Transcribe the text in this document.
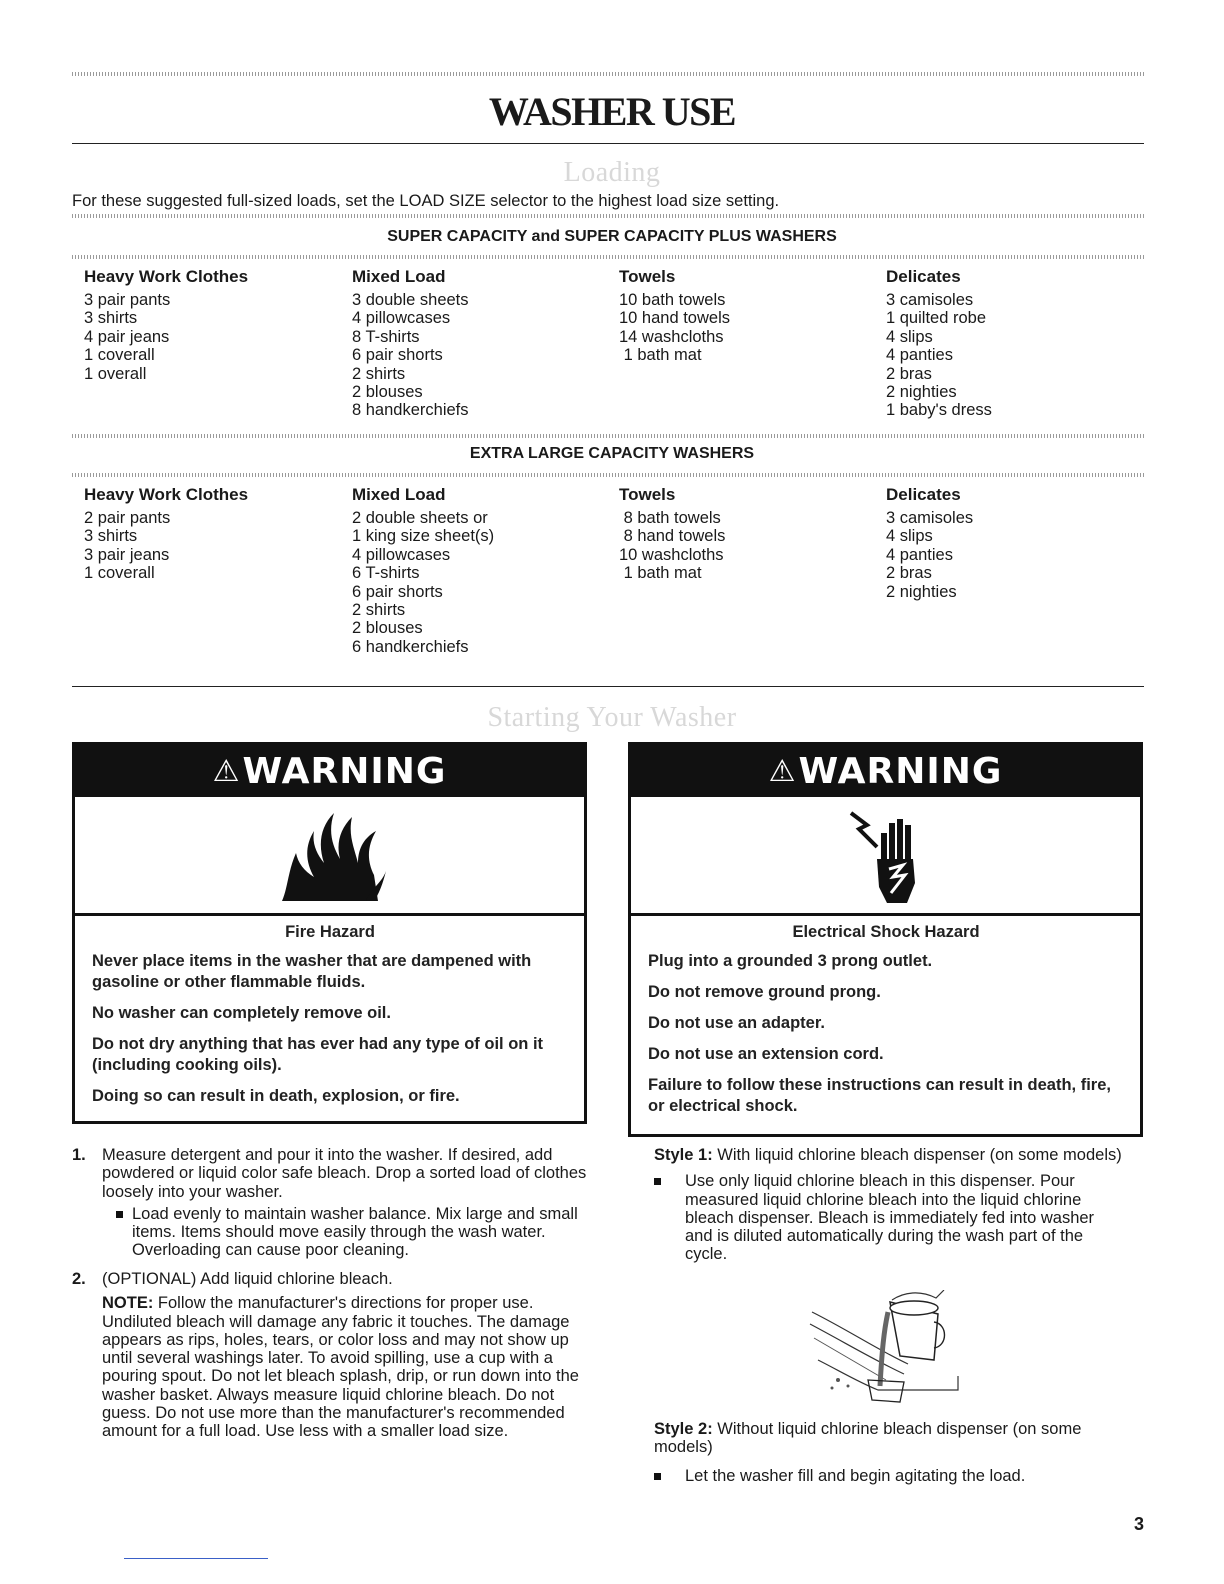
WASHER USE
Loading
For these suggested full-sized loads, set the LOAD SIZE selector to the highest load size setting.
SUPER CAPACITY and SUPER CAPACITY PLUS WASHERS
Heavy Work Clothes
3 pair pants
3 shirts
4 pair jeans
1 coverall
1 overall
Mixed Load
3 double sheets
4 pillowcases
8 T-shirts
6 pair shorts
2 shirts
2 blouses
8 handkerchiefs
Towels
10 bath towels
10 hand towels
14 washcloths
1 bath mat
Delicates
3 camisoles
1 quilted robe
4 slips
4 panties
2 bras
2 nighties
1 baby's dress
EXTRA LARGE CAPACITY WASHERS
Heavy Work Clothes
2 pair pants
3 shirts
3 pair jeans
1 coverall
Mixed Load
2 double sheets or
1 king size sheet(s)
4 pillowcases
6 T-shirts
6 pair shorts
2 shirts
2 blouses
6 handkerchiefs
Towels
8 bath towels
8 hand towels
10 washcloths
1 bath mat
Delicates
3 camisoles
4 slips
4 panties
2 bras
2 nighties
Starting Your Washer
⚠ WARNING
Fire Hazard

Never place items in the washer that are dampened with gasoline or other flammable fluids.

No washer can completely remove oil.

Do not dry anything that has ever had any type of oil on it (including cooking oils).

Doing so can result in death, explosion, or fire.

⚠ WARNING
Electrical Shock Hazard

Plug into a grounded 3 prong outlet.

Do not remove ground prong.

Do not use an adapter.

Do not use an extension cord.

Failure to follow these instructions can result in death, fire, or electrical shock.

1. Measure detergent and pour it into the washer. If desired, add powdered or liquid color safe bleach. Drop a sorted load of clothes loosely into your washer.

Load evenly to maintain washer balance. Mix large and small items. Items should move easily through the wash water. Overloading can cause poor cleaning.

2. (OPTIONAL) Add liquid chlorine bleach.

NOTE: Follow the manufacturer's directions for proper use. Undiluted bleach will damage any fabric it touches. The damage appears as rips, holes, tears, or color loss and may not show up until several washings later. To avoid spilling, use a cup with a pouring spout. Do not let bleach splash, drip, or run down into the washer basket. Always measure liquid chlorine bleach. Do not guess. Do not use more than the manufacturer's recommended amount for a full load. Use less with a smaller load size.

Style 1: With liquid chlorine bleach dispenser (on some models)

Use only liquid chlorine bleach in this dispenser. Pour measured liquid chlorine bleach into the liquid chlorine bleach dispenser. Bleach is immediately fed into washer and is diluted automatically during the wash part of the cycle.

Style 2: Without liquid chlorine bleach dispenser (on some models)

Let the washer fill and begin agitating the load.

3
